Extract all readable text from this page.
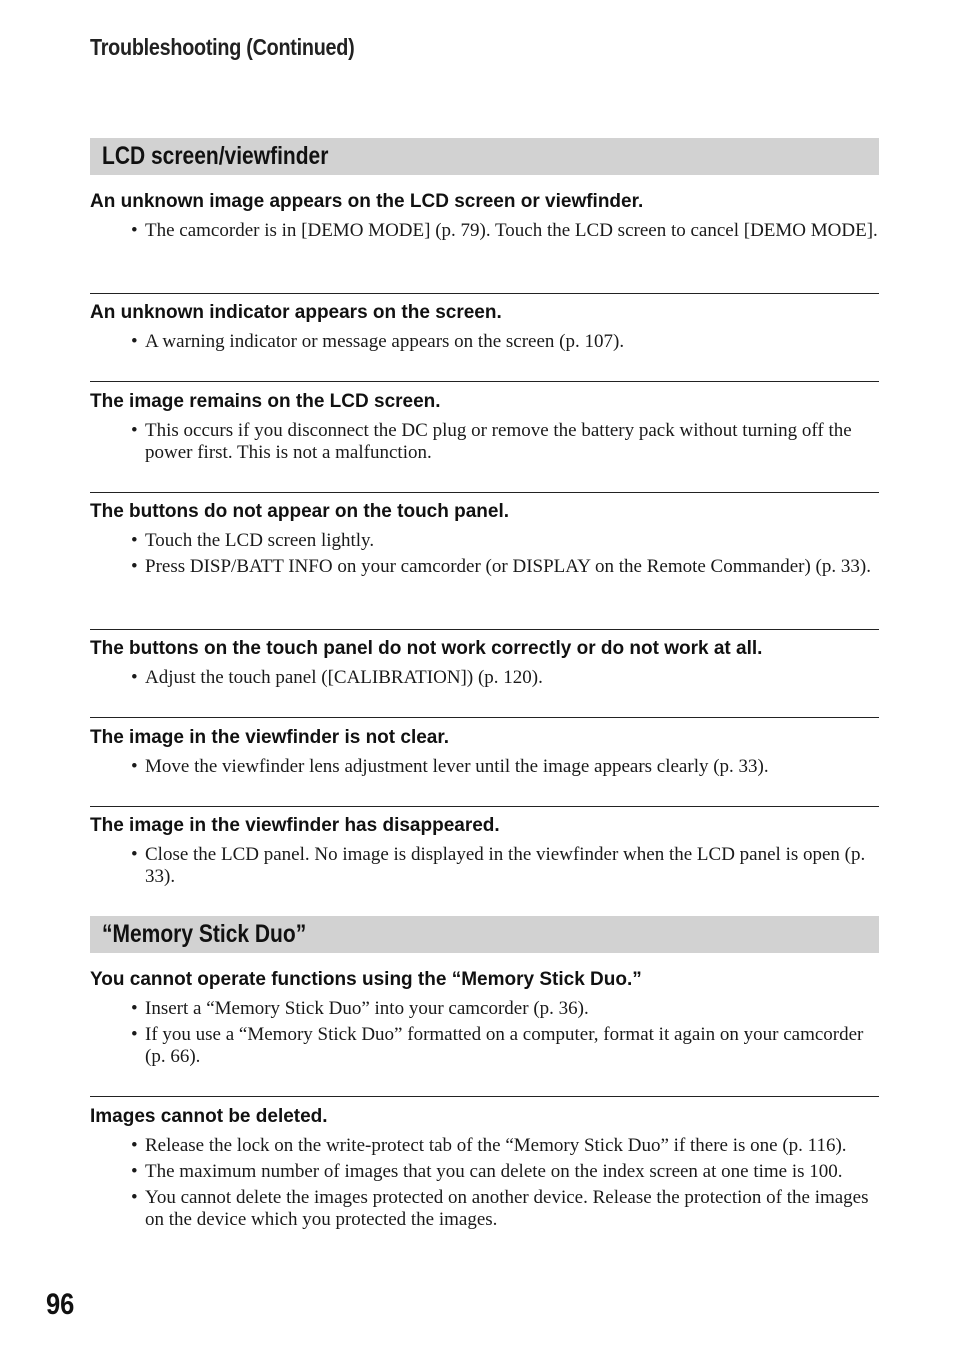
Troubleshooting (Continued)
LCD screen/viewfinder

An unknown image appears on the LCD screen or viewfinder.

• The camcorder is in [DEMO MODE] (p. 79). Touch the LCD screen to cancel [DEMO MODE].

An unknown indicator appears on the screen.

• A warning indicator or message appears on the screen (p. 107).

The image remains on the LCD screen.

• This occurs if you disconnect the DC plug or remove the battery pack without turning off the power first. This is not a malfunction.

The buttons do not appear on the touch panel.

• Touch the LCD screen lightly.
• Press DISP/BATT INFO on your camcorder (or DISPLAY on the Remote Commander) (p. 33).

The buttons on the touch panel do not work correctly or do not work at all.

• Adjust the touch panel ([CALIBRATION]) (p. 120).

The image in the viewfinder is not clear.

• Move the viewfinder lens adjustment lever until the image appears clearly (p. 33).

The image in the viewfinder has disappeared.

• Close the LCD panel. No image is displayed in the viewfinder when the LCD panel is open (p. 33).
“Memory Stick Duo”

You cannot operate functions using the “Memory Stick Duo.”

• Insert a “Memory Stick Duo” into your camcorder (p. 36).
• If you use a “Memory Stick Duo” formatted on a computer, format it again on your camcorder (p. 66).

Images cannot be deleted.

• Release the lock on the write-protect tab of the “Memory Stick Duo” if there is one (p. 116).
• The maximum number of images that you can delete on the index screen at one time is 100.
• You cannot delete the images protected on another device. Release the protection of the images on the device which you protected the images.
96
